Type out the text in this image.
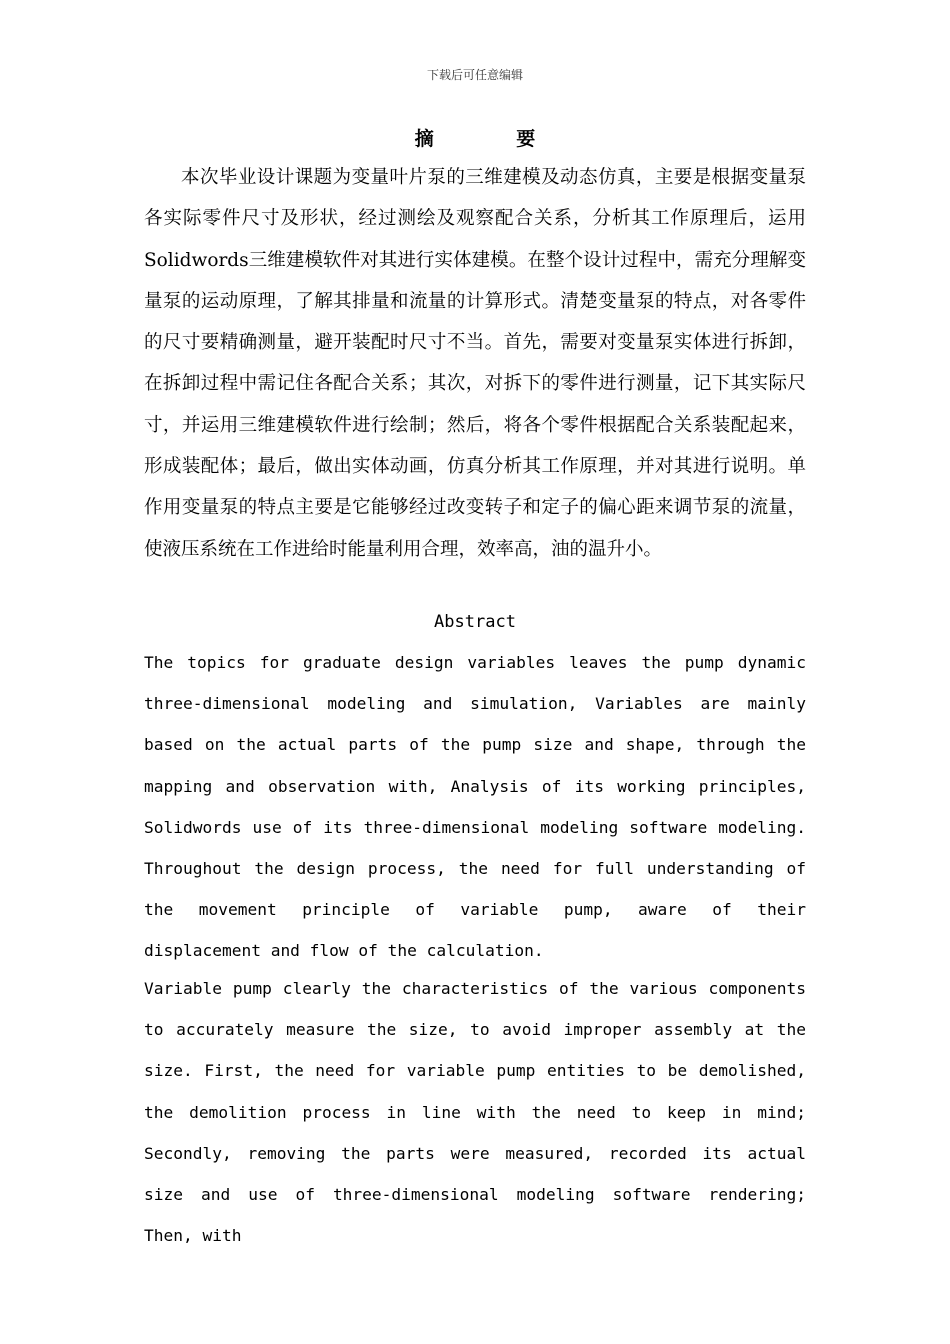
下载后可任意编辑
摘 要

本次毕业设计课题为变量叶片泵的三维建模及动态仿真，主要是根据变量泵各实际零件尺寸及形状，经过测绘及观察配合关系，分析其工作原理后，运用Solidwords三维建模软件对其进行实体建模。在整个设计过程中，需充分理解变量泵的运动原理，了解其排量和流量的计算形式。清楚变量泵的特点，对各零件的尺寸要精确测量，避开装配时尺寸不当。首先，需要对变量泵实体进行拆卸，在拆卸过程中需记住各配合关系；其次，对拆下的零件进行测量，记下其实际尺寸，并运用三维建模软件进行绘制；然后，将各个零件根据配合关系装配起来，形成装配体；最后，做出实体动画，仿真分析其工作原理，并对其进行说明。单作用变量泵的特点主要是它能够经过改变转子和定子的偏心距来调节泵的流量，使液压系统在工作进给时能量利用合理，效率高，油的温升小。

Abstract

The topics for graduate design variables leaves the pump dynamic three-dimensional modeling and simulation, Variables are mainly based on the actual parts of the pump size and shape, through the mapping and observation with, Analysis of its working principles, Solidwords use of its three-dimensional modeling software modeling. Throughout the design process, the need for full understanding of the movement principle of variable pump, aware of their displacement and flow of the calculation.

Variable pump clearly the characteristics of the various components to accurately measure the size, to avoid improper assembly at the size. First, the need for variable pump entities to be demolished, the demolition process in line with the need to keep in mind; Secondly, removing the parts were measured, recorded its actual size and use of three-dimensional modeling software rendering; Then, with
